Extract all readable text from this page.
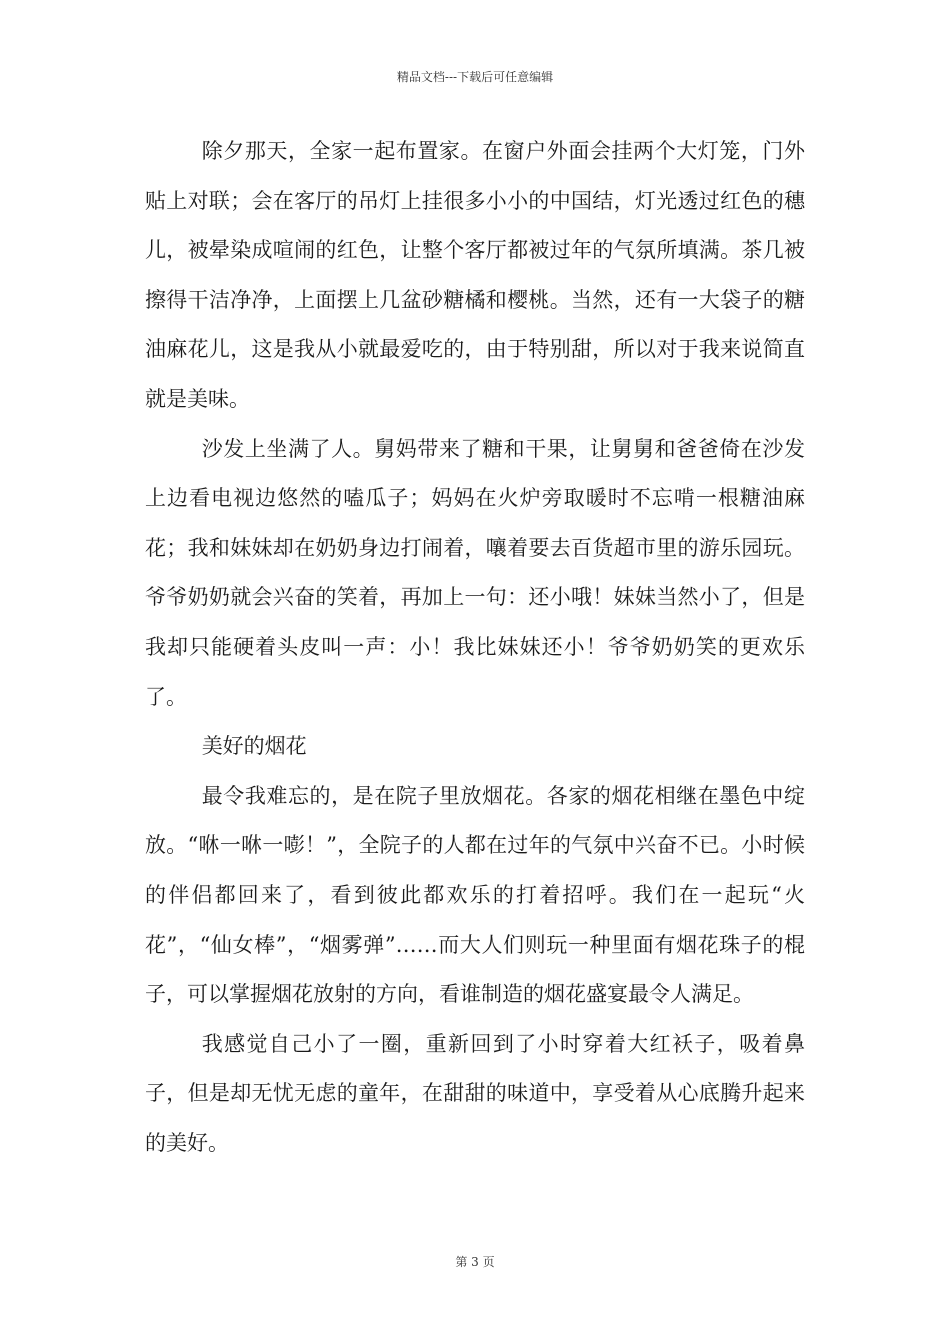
精品文档---下载后可任意编辑

除夕那天，全家一起布置家。在窗户外面会挂两个大灯笼，门外贴上对联；会在客厅的吊灯上挂很多小小的中国结，灯光透过红色的穗儿，被晕染成喧闹的红色，让整个客厅都被过年的气氛所填满。茶几被擦得干洁净净，上面摆上几盆砂糖橘和樱桃。当然，还有一大袋子的糖油麻花儿，这是我从小就最爱吃的，由于特别甜，所以对于我来说简直就是美味。

沙发上坐满了人。舅妈带来了糖和干果，让舅舅和爸爸倚在沙发上边看电视边悠然的嗑瓜子；妈妈在火炉旁取暖时不忘啃一根糖油麻花；我和妹妹却在奶奶身边打闹着，嚷着要去百货超市里的游乐园玩。爷爷奶奶就会兴奋的笑着，再加上一句：还小哦！妹妹当然小了，但是我却只能硬着头皮叫一声：小！我比妹妹还小！爷爷奶奶笑的更欢乐了。

美好的烟花

最令我难忘的，是在院子里放烟花。各家的烟花相继在墨色中绽放。“咻一咻一嘭！”，全院子的人都在过年的气氛中兴奋不已。小时候的伴侣都回来了，看到彼此都欢乐的打着招呼。我们在一起玩“火花”，“仙女棒”，“烟雾弹”……而大人们则玩一种里面有烟花珠子的棍子，可以掌握烟花放射的方向，看谁制造的烟花盛宴最令人满足。

我感觉自己小了一圈，重新回到了小时穿着大红袄子，吸着鼻子，但是却无忧无虑的童年，在甜甜的味道中，享受着从心底腾升起来的美好。

第 3 页
